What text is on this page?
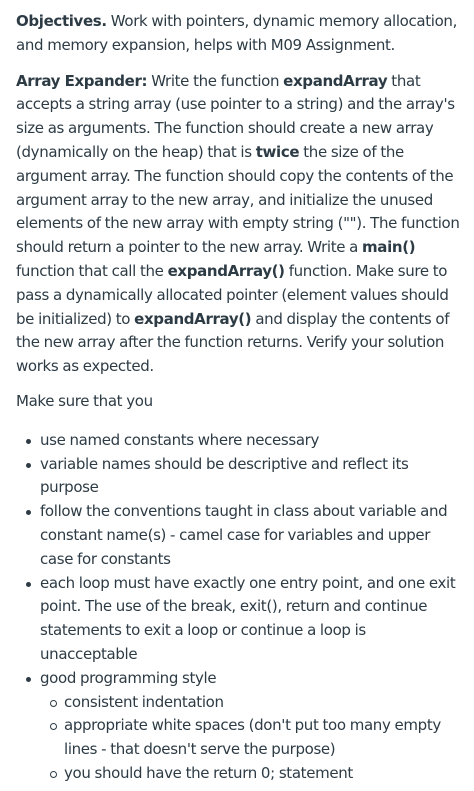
Objectives. Work with pointers, dynamic memory allocation, and memory expansion, helps with M09 Assignment.

Array Expander: Write the function expandArray that accepts a string array (use pointer to a string) and the array's size as arguments. The function should create a new array (dynamically on the heap) that is twice the size of the argument array. The function should copy the contents of the argument array to the new array, and initialize the unused elements of the new array with empty string (""). The function should return a pointer to the new array. Write a main() function that call the expandArray() function. Make sure to pass a dynamically allocated pointer (element values should be initialized) to expandArray() and display the contents of the new array after the function returns. Verify your solution works as expected.

Make sure that you

use named constants where necessary
variable names should be descriptive and reflect its purpose
follow the conventions taught in class about variable and constant name(s) - camel case for variables and upper case for constants
each loop must have exactly one entry point, and one exit point. The use of the break, exit(), return and continue statements to exit a loop or continue a loop is unacceptable
good programming style
consistent indentation
appropriate white spaces (don't put too many empty lines - that doesn't serve the purpose)
you should have the return 0; statement
